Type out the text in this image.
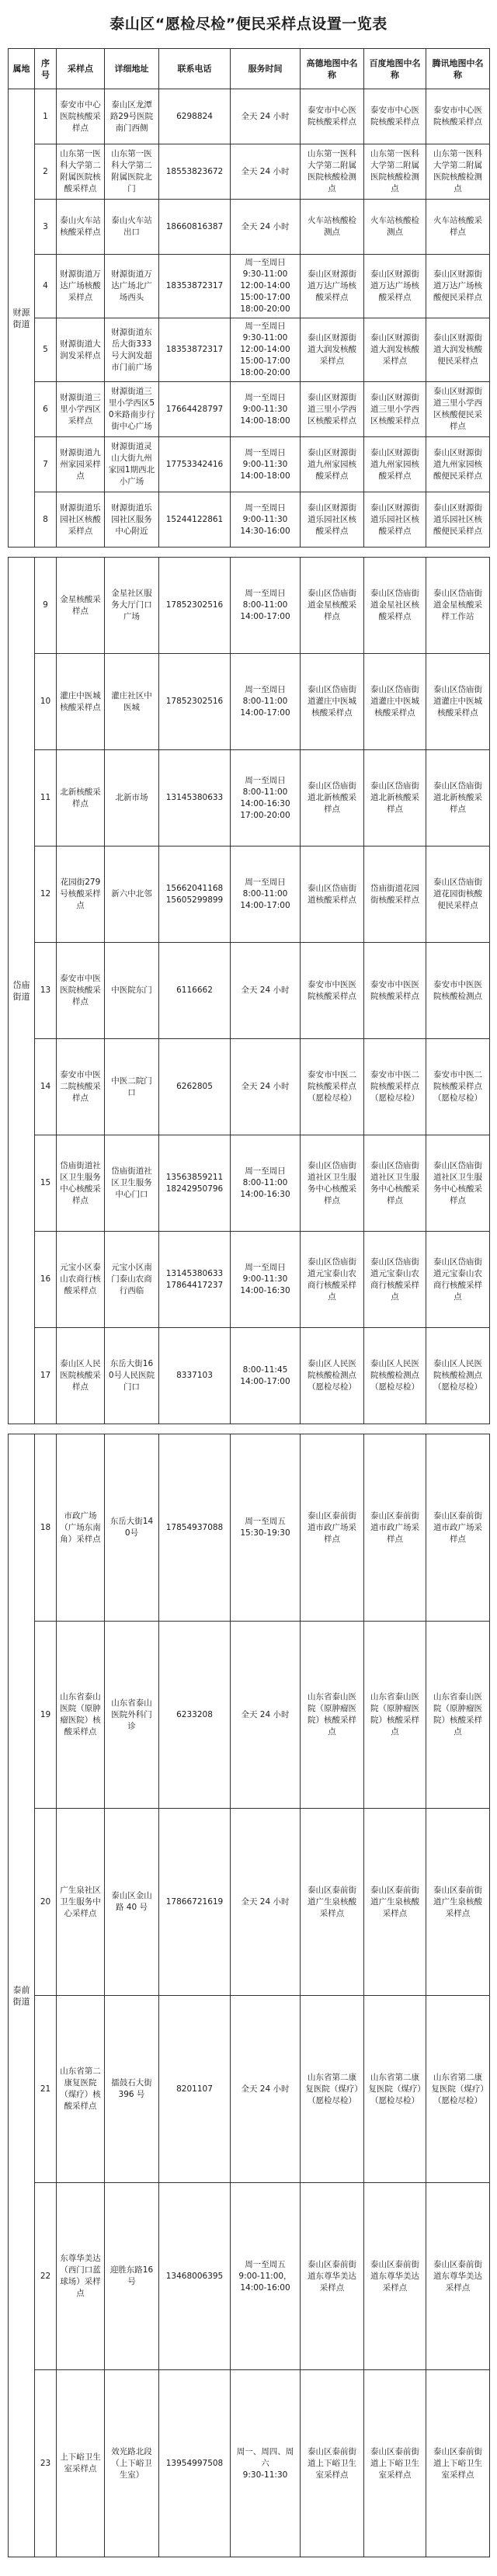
泰山区“愿检尽检”便民采样点设置一览表
属地	序号	采样点	详细地址	联系电话	服务时间	高德地图中名称	百度地图中名称	腾讯地图中名称
财源街道	1	泰安市中心医院核酸采样点	泰山区龙潭路29号医院南门西侧	6298824	全天 24 小时	泰安市中心医院核酸采样点	泰安市中心医院核酸采样点	泰安市中心医院核酸采样点
	2	山东第一医科大学第二附属医院核酸采样点	山东第一医科大学第二附属医院北门	18553823672	全天 24 小时	山东第一医科大学第二附属医院核酸检测点	山东第一医科大学第二附属医院核酸检测点	山东第一医科大学第二附属医院核酸检测点
	3	泰山火车站核酸采样点	泰山火车站出口	18660816387	全天 24 小时	火车站核酸检测点	火车站核酸检测点	火车站核酸采样点
	4	财源街道万达广场核酸采样点	财源街道万达广场北广场西头	18353872317	周一至周日
9:30-11:00
12:00-14:00
15:00-17:00
18:00-20:00	泰山区财源街道万达广场核酸采样点	泰山区财源街道万达广场核酸采样点	泰山区财源街道万达广场核酸便民采样点
	5	财源街道大润发采样点	财源街道东岳大街333号大润发超市门前广场	18353872317	周一至周日
9:30-11:00
12:00-14:00
15:00-17:00
18:00-20:00	泰山区财源街道大润发核酸采样点	泰山区财源街道大润发核酸采样点	泰山区财源街道大润发核酸便民采样点
	6	财源街道三里小学西区采样点	财源街道三里小学西区50米路南步行街中心广场	17664428797	周一至周日
9:00-11:30
14:00-18:00	泰山区财源街道三里小学西区核酸采样点	泰山区财源街道三里小学西区核酸采样点	泰山区财源街道三里小学西区核酸便民采样点
	7	财源街道九州家园采样点	财源街道灵山大街九州家园1期西北小广场	17753342416	周一至周日
9:00-11:30
14:00-18:00	泰山区财源街道九州家园核酸采样点	泰山区财源街道九州家园核酸采样点	泰山区财源街道九州家园核酸便民采样点
	8	财源街道乐园社区核酸采样点	财源街道乐园社区服务中心附近	15244122861	周一至周日
9:00-11:30
14:30-16:00	泰山区财源街道乐园社区核酸采样点	泰山区财源街道乐园社区核酸采样点	泰山区财源街道乐园社区核酸便民采样点
岱庙街道	9	金星核酸采样点	金星社区服务大厅门口广场	17852302516	周一至周日
8:00-11:00
14:00-17:00	泰山区岱庙街道金星核酸采样点	泰山区岱庙街道金星社区核酸采样点	泰山区岱庙街道金星核酸采样工作站
	10	灌庄中医城核酸采样点	灌庄社区中医城	17852302516	周一至周日
8:00-11:00
14:00-17:00	泰山区岱庙街道灌庄中医城核酸采样点	泰山区岱庙街道灌庄中医城核酸采样点	泰山区岱庙街道灌庄中医城核酸采样点
	11	北新核酸采样点	北新市场	13145380633	周一至周日
8:00-11:00
14:00-16:30
17:00-20:00	泰山区岱庙街道北新核酸采样点	泰山区岱庙街道北新核酸采样点	泰山区岱庙街道北新核酸采样点
	12	花园街279号核酸采样点	新六中北邻	15662041168
15605299899	周一至周日
8:00-11:00
14:00-17:00	泰山区岱庙街道核酸采样点	岱庙街道花园街核酸采样点	泰山区岱庙街道花园街核酸便民采样点
	13	泰安市中医医院核酸采样点	中医院东门	6116662	全天 24 小时	泰安市中医医院核酸采样点	泰安市中医医院核酸采样点	泰安市中医医院核酸检测点
	14	泰安市中医二院核酸采样点	中医二院门口	6262805	全天 24 小时	泰安市中医二院核酸采样点（愿检尽检）	泰安市中医二院核酸采样点（愿检尽检）	泰安市中医二院核酸采样点（愿检尽检）
	15	岱庙街道社区卫生服务中心核酸采样点	岱庙街道社区卫生服务中心门口	13563859211
18242950796	周一至周日
8:00-11:00
14:00-16:30	泰山区岱庙街道社区卫生服务中心核酸采样点	泰山区岱庙街道社区卫生服务中心核酸采样点	泰山区岱庙街道社区卫生服务中心核酸采样点
	16	元宝小区泰山农商行核酸采样点	元宝小区南门泰山农商行西临	13145380633
17864417237	周一至周日
9:00-11:30
14:00-16:30	泰山区岱庙街道元宝泰山农商行核酸采样点	泰山区岱庙街道元宝泰山农商行核酸采样点	泰山区岱庙街道元宝泰山农商行核酸采样点
	17	泰山区人民医院核酸采样点	东岳大街160号人民医院门口	8337103	8:00-11:45
14:00-17:00	泰山区人民医院核酸检测点（愿检尽检）	泰山区人民医院核酸检测点（愿检尽检）	泰山区人民医院核酸检测点（愿检尽检）
泰前街道	18	市政广场（广场东南角）采样点	东岳大街140号	17854937088	周一至周五
15:30-19:30	泰山区泰前街道市政广场采样点	泰山区泰前街道市政广场采样点	泰山区泰前街道市政广场采样点
	19	山东省泰山医院（原肿瘤医院）核酸采样点	山东省泰山医院外科门诊	6233208	全天 24 小时	山东省泰山医院（原肿瘤医院）核酸采样点	山东省泰山医院（原肿瘤医院）核酸采样点	山东省泰山医院（原肿瘤医院）核酸采样点
	20	广生泉社区卫生服务中心采样点	泰山区金山路 40 号	17866721619	全天 24 小时	泰山区泰前街道广生泉核酸采样点	泰山区泰前街道广生泉核酸采样点	泰山区泰前街道广生泉核酸采样点
	21	山东省第二康复医院（煤疗）核酸采样点	擂鼓石大街 396 号	8201107	全天 24 小时	山东省第二康复医院（煤疗）（愿检尽检）	山东省第二康复医院（煤疗）（愿检尽检）	山东省第二康复医院（煤疗）（愿检尽检）
	22	东尊华美达（西门口蓝球场）采样点	迎胜东路16号	13468006395	周一至周五
9:00-11:00，
14:00-16:00	泰山区泰前街道东尊华美达采样点	泰山区泰前街道东尊华美达采样点	泰山区泰前街道东尊华美达采样点
	23	上下峪卫生室采样点	效光路北段（上下峪卫生室）	13954997508	周一、周四、周六
9:30-11:30	泰山区泰前街道上下峪卫生室采样点	泰山区泰前街道上下峪卫生室采样点	泰山区泰前街道上下峪卫生室采样点
